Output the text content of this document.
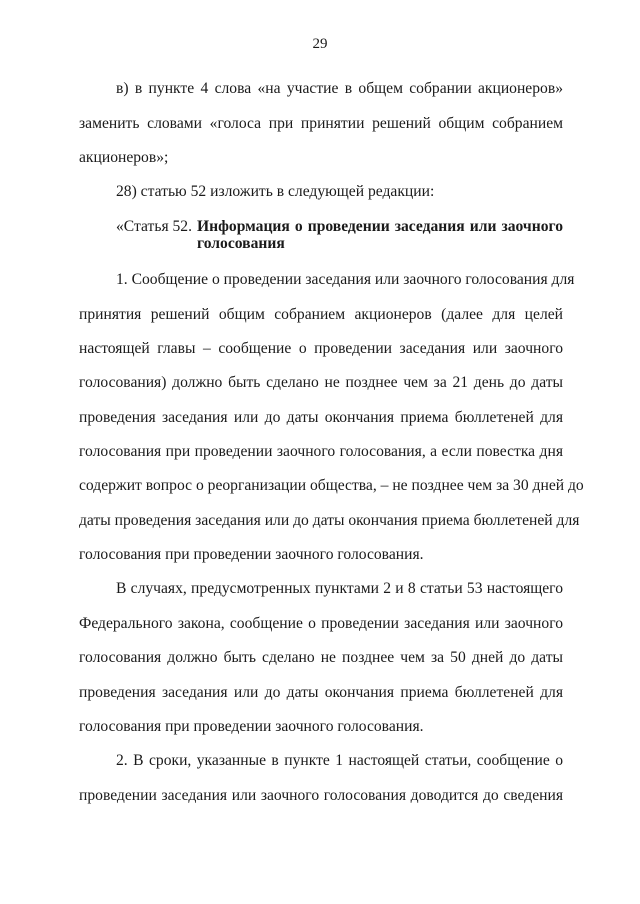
29
в) в пункте 4 слова «на участие в общем собрании акционеров»
заменить словами «голоса при принятии решений общим собранием
акционеров»;
28) статью 52 изложить в следующей редакции:
«Статья 52. Информация о проведении заседания или заочного
голосования
1. Сообщение о проведении заседания или заочного голосования для
принятия решений общим собранием акционеров (далее для целей
настоящей главы – сообщение о проведении заседания или заочного
голосования) должно быть сделано не позднее чем за 21 день до даты
проведения заседания или до даты окончания приема бюллетеней для
голосования при проведении заочного голосования, а если повестка дня
содержит вопрос о реорганизации общества, – не позднее чем за 30 дней до
даты проведения заседания или до даты окончания приема бюллетеней для
голосования при проведении заочного голосования.
В случаях, предусмотренных пунктами 2 и 8 статьи 53 настоящего
Федерального закона, сообщение о проведении заседания или заочного
голосования должно быть сделано не позднее чем за 50 дней до даты
проведения заседания или до даты окончания приема бюллетеней для
голосования при проведении заочного голосования.
2. В сроки, указанные в пункте 1 настоящей статьи, сообщение о
проведении заседания или заочного голосования доводится до сведения
